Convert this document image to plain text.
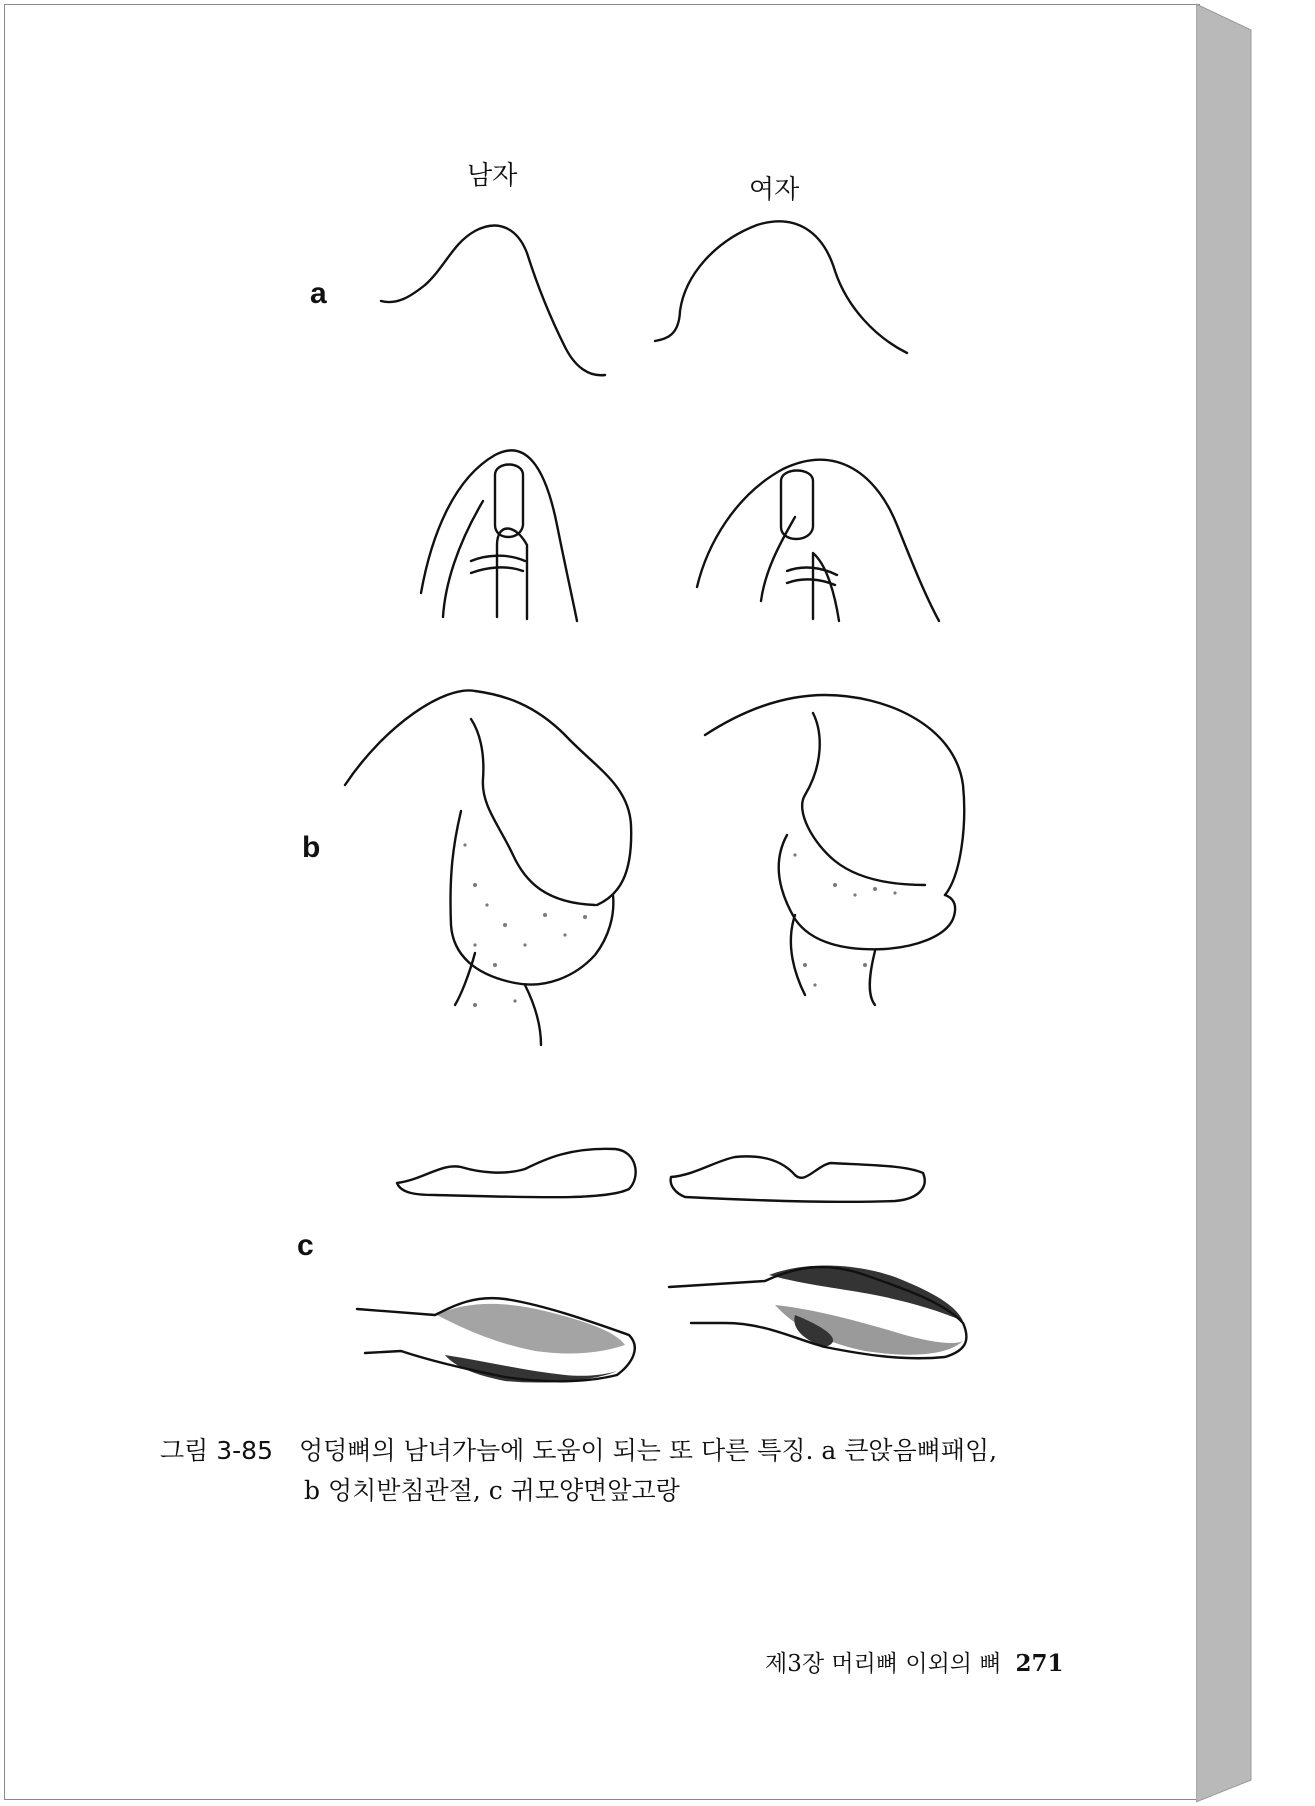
남자	여자
a
b
c
그림 3-85 엉덩뼈의 남녀가늠에 도움이 되는 또 다른 특징. a 큰앉음뼈패임,
b 엉치받침관절, c 귀모양면앞고랑
제3장 머리뼈 이외의 뼈 271
